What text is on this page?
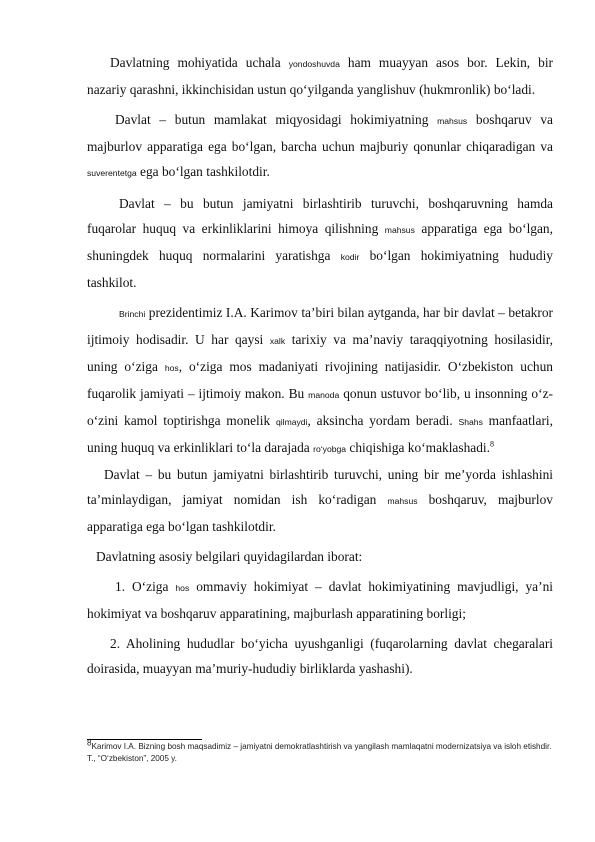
Davlatning mohiyatida uchala yondoshuvda ham muayyan asos bor. Lekin, bir nazariy qarashni, ikkinchisidan ustun qoʻyilganda yanglishuv (hukmronlik) boʻladi.

Davlat – butun mamlakat miqyosidagi hokimiyatning mahsus boshqaruv va majburlov apparatiga ega boʻlgan, barcha uchun majburiy qonunlar chiqaradigan va suverentetga ega boʻlgan tashkilotdir.

Davlat – bu butun jamiyatni birlashtirib turuvchi, boshqaruvning hamda fuqarolar huquq va erkinliklarini himoya qilishning mahsus apparatiga ega boʻlgan, shuningdek huquq normalarini yaratishga kodir boʻlgan hokimiyatning hududiy tashkilot.

Brinchi prezidentimiz I.A. Karimov taʼbiri bilan aytganda, har bir davlat – betakror ijtimoiy hodisadir. U har qaysi xalk tarixiy va maʼnaviy taraqqiyotning hosilasidir, uning oʻziga hos, oʻziga mos madaniyati rivojining natijasidir. Oʻzbekiston uchun fuqarolik jamiyati – ijtimoiy makon. Bu manoda qonun ustuvor boʻlib, u insonning oʻz-oʻzini kamol toptirishga monelik qilmaydi, aksincha yordam beradi. Shahs manfaatlari, uning huquq va erkinliklari toʻla darajada roʻyobga chiqishiga koʻmaklashadi.$^8$

Davlat – bu butun jamiyatni birlashtirib turuvchi, uning bir meʼyorda ishlashini taʼminlaydigan, jamiyat nomidan ish koʻradigan mahsus boshqaruv, majburlov apparatiga ega boʻlgan tashkilotdir.

Davlatning asosiy belgilari quyidagilardan iborat:

1. Oʻziga hos ommaviy hokimiyat – davlat hokimiyatining mavjudligi, yaʼni hokimiyat va boshqaruv apparatining, majburlash apparatining borligi;

2. Aholining hududlar boʻyicha uyushganligi (fuqarolarning davlat chegaralari doirasida, muayyan maʼmuriy-hududiy birliklarda yashashi).

$^8$Karimov I.A. Bizning bosh maqsadimiz – jamiyatni demokratlashtirish va yangilash mamlaqatni modernizatsiya va isloh etishdir. T., “Oʻzbekiston”, 2005 y.
